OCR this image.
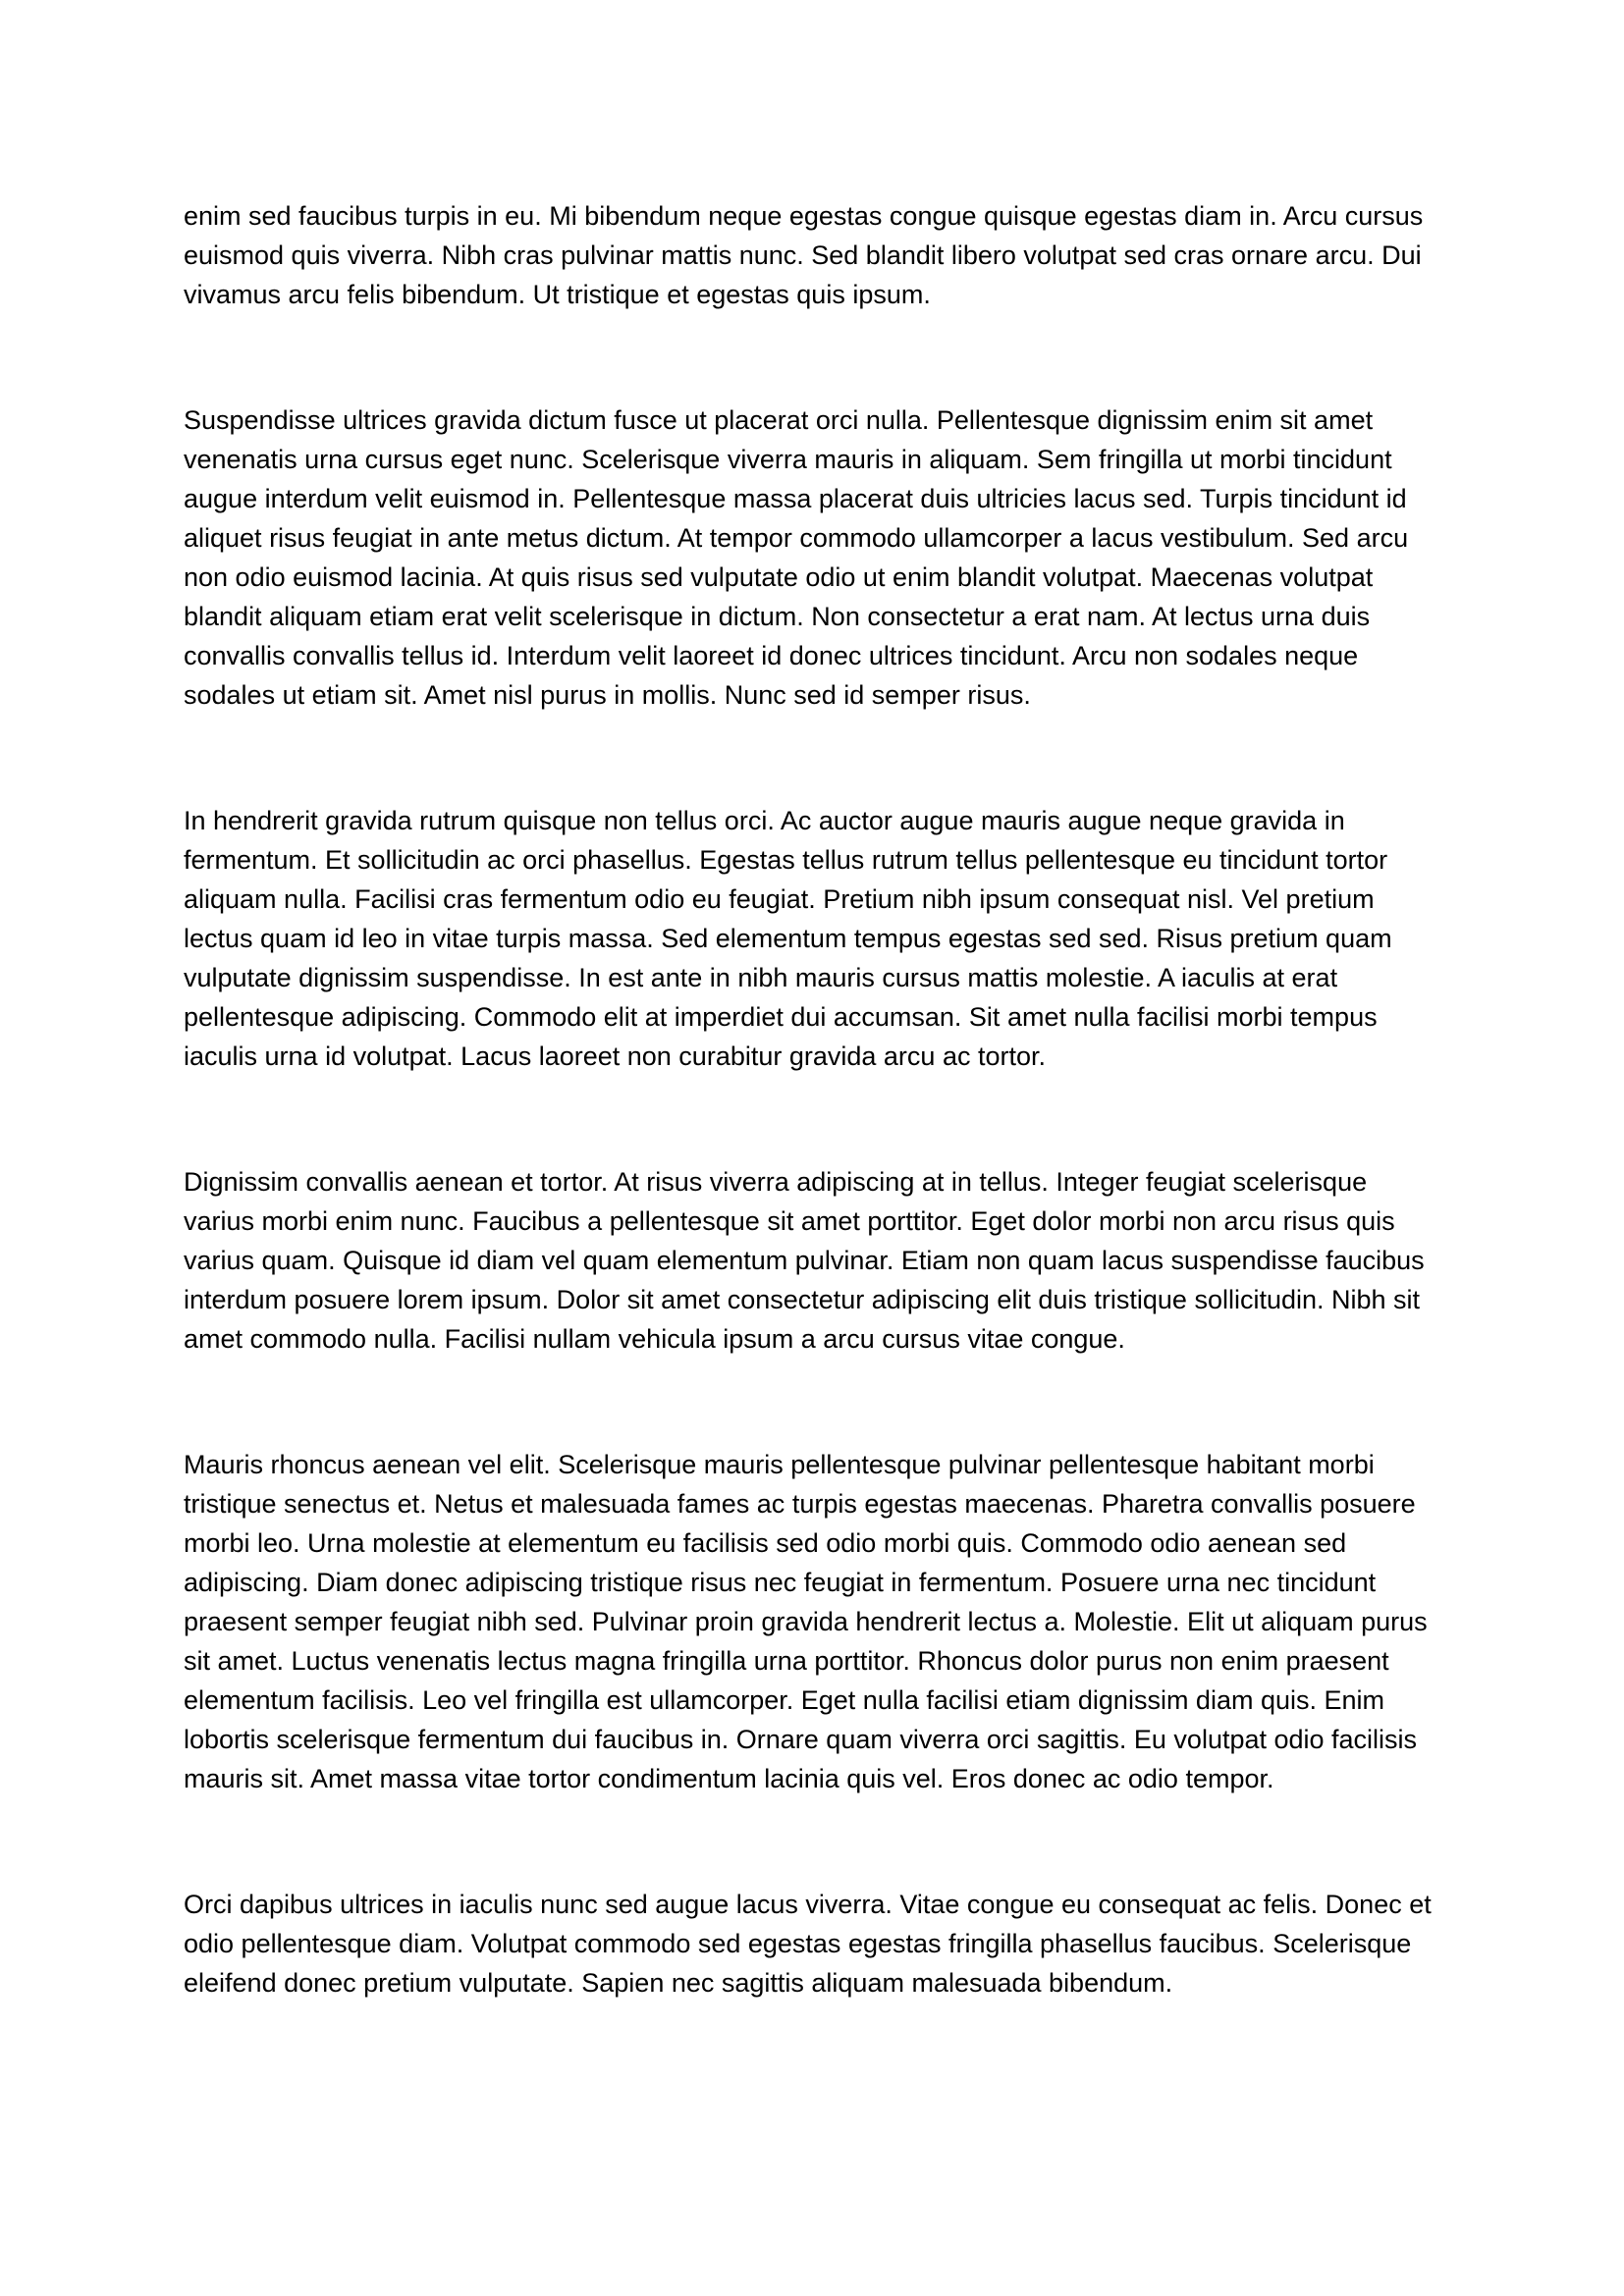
enim sed faucibus turpis in eu. Mi bibendum neque egestas congue quisque egestas diam in. Arcu cursus euismod quis viverra. Nibh cras pulvinar mattis nunc. Sed blandit libero volutpat sed cras ornare arcu. Dui vivamus arcu felis bibendum. Ut tristique et egestas quis ipsum.

Suspendisse ultrices gravida dictum fusce ut placerat orci nulla. Pellentesque dignissim enim sit amet venenatis urna cursus eget nunc. Scelerisque viverra mauris in aliquam. Sem fringilla ut morbi tincidunt augue interdum velit euismod in. Pellentesque massa placerat duis ultricies lacus sed. Turpis tincidunt id aliquet risus feugiat in ante metus dictum. At tempor commodo ullamcorper a lacus vestibulum. Sed arcu non odio euismod lacinia. At quis risus sed vulputate odio ut enim blandit volutpat. Maecenas volutpat blandit aliquam etiam erat velit scelerisque in dictum. Non consectetur a erat nam. At lectus urna duis convallis convallis tellus id. Interdum velit laoreet id donec ultrices tincidunt. Arcu non sodales neque sodales ut etiam sit. Amet nisl purus in mollis. Nunc sed id semper risus.

In hendrerit gravida rutrum quisque non tellus orci. Ac auctor augue mauris augue neque gravida in fermentum. Et sollicitudin ac orci phasellus. Egestas tellus rutrum tellus pellentesque eu tincidunt tortor aliquam nulla. Facilisi cras fermentum odio eu feugiat. Pretium nibh ipsum consequat nisl. Vel pretium lectus quam id leo in vitae turpis massa. Sed elementum tempus egestas sed sed. Risus pretium quam vulputate dignissim suspendisse. In est ante in nibh mauris cursus mattis molestie. A iaculis at erat pellentesque adipiscing. Commodo elit at imperdiet dui accumsan. Sit amet nulla facilisi morbi tempus iaculis urna id volutpat. Lacus laoreet non curabitur gravida arcu ac tortor.

Dignissim convallis aenean et tortor. At risus viverra adipiscing at in tellus. Integer feugiat scelerisque varius morbi enim nunc. Faucibus a pellentesque sit amet porttitor. Eget dolor morbi non arcu risus quis varius quam. Quisque id diam vel quam elementum pulvinar. Etiam non quam lacus suspendisse faucibus interdum posuere lorem ipsum. Dolor sit amet consectetur adipiscing elit duis tristique sollicitudin. Nibh sit amet commodo nulla. Facilisi nullam vehicula ipsum a arcu cursus vitae congue.

Mauris rhoncus aenean vel elit. Scelerisque mauris pellentesque pulvinar pellentesque habitant morbi tristique senectus et. Netus et malesuada fames ac turpis egestas maecenas. Pharetra convallis posuere morbi leo. Urna molestie at elementum eu facilisis sed odio morbi quis. Commodo odio aenean sed adipiscing. Diam donec adipiscing tristique risus nec feugiat in fermentum. Posuere urna nec tincidunt praesent semper feugiat nibh sed. Pulvinar proin gravida hendrerit lectus a. Molestie. Elit ut aliquam purus sit amet. Luctus venenatis lectus magna fringilla urna porttitor. Rhoncus dolor purus non enim praesent elementum facilisis. Leo vel fringilla est ullamcorper. Eget nulla facilisi etiam dignissim diam quis. Enim lobortis scelerisque fermentum dui faucibus in. Ornare quam viverra orci sagittis. Eu volutpat odio facilisis mauris sit. Amet massa vitae tortor condimentum lacinia quis vel. Eros donec ac odio tempor.

Orci dapibus ultrices in iaculis nunc sed augue lacus viverra. Vitae congue eu consequat ac felis. Donec et odio pellentesque diam. Volutpat commodo sed egestas egestas fringilla phasellus faucibus. Scelerisque eleifend donec pretium vulputate. Sapien nec sagittis aliquam malesuada bibendum.
